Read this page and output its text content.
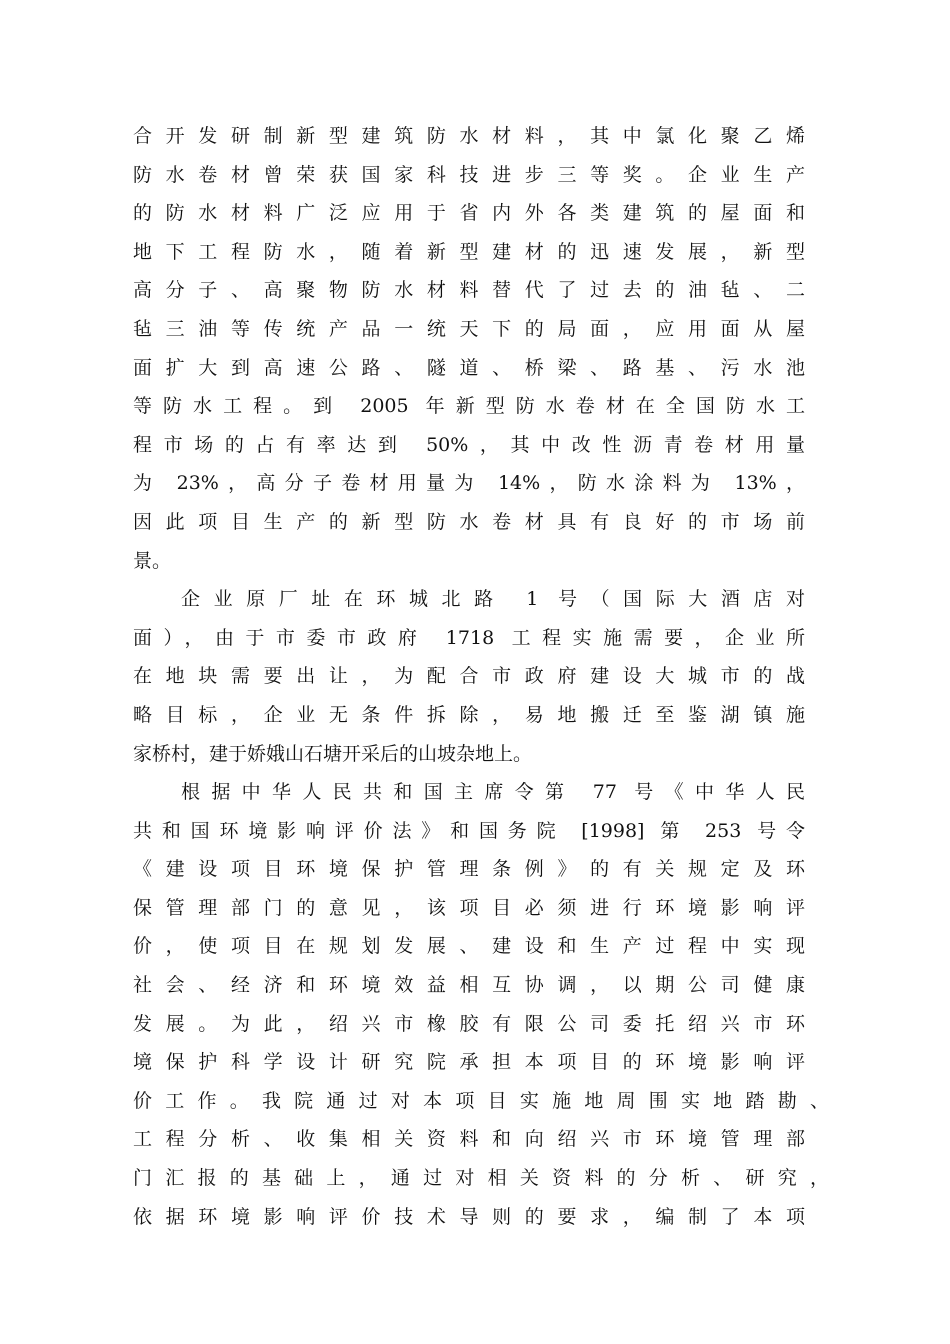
合开发研制新型建筑防水材料，其中氯化聚乙烯
防水卷材曾荣获国家科技进步三等奖。企业生产
的防水材料广泛应用于省内外各类建筑的屋面和
地下工程防水，随着新型建材的迅速发展，新型
高分子、高聚物防水材料替代了过去的油毡、二
毡三油等传统产品一统天下的局面，应用面从屋
面扩大到高速公路、隧道、桥梁、路基、污水池
等防水工程。到 2005 年新型防水卷材在全国防水工
程市场的占有率达到 50%，其中改性沥青卷材用量
为 23%，高分子卷材用量为 14%，防水涂料为 13%，
因此项目生产的新型防水卷材具有良好的市场前
景。
企业原厂址在环城北路 1 号（国际大酒店对
面），由于市委市政府 1718 工程实施需要，企业所
在地块需要出让，为配合市政府建设大城市的战
略目标，企业无条件拆除，易地搬迁至鉴湖镇施
家桥村，建于娇娥山石塘开采后的山坡杂地上。
根据中华人民共和国主席令第 77 号《中华人民
共和国环境影响评价法》和国务院 [1998] 第 253 号令
《建设项目环境保护管理条例》的有关规定及环
保管理部门的意见，该项目必须进行环境影响评
价，使项目在规划发展、建设和生产过程中实现
社会、经济和环境效益相互协调，以期公司健康
发展。为此，绍兴市橡胶有限公司委托绍兴市环
境保护科学设计研究院承担本项目的环境影响评
价工作。我院通过对本项目实施地周围实地踏勘、
工程分析、收集相关资料和向绍兴市环境管理部
门汇报的基础上，通过对相关资料的分析、研究，
依据环境影响评价技术导则的要求，编制了本项
